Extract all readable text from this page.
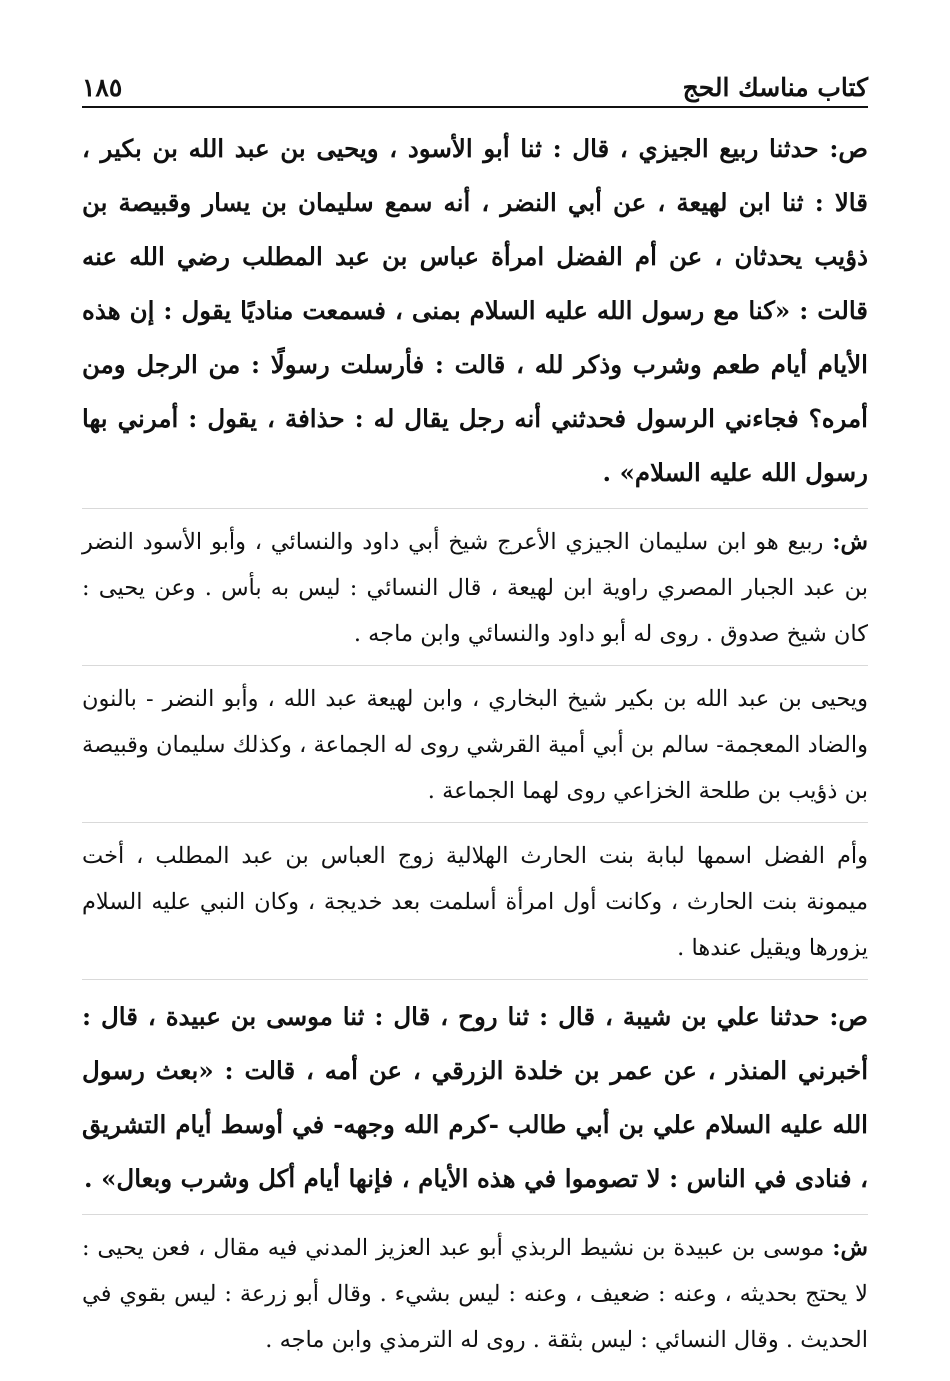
كتاب مناسك الحج
١٨٥

ص: حدثنا ربيع الجيزي ، قال : ثنا أبو الأسود ، ويحيى بن عبد الله بن بكير ، قالا : ثنا ابن لهيعة ، عن أبي النضر ، أنه سمع سليمان بن يسار وقبيصة بن ذؤيب يحدثان ، عن أم الفضل امرأة عباس بن عبد المطلب رضي الله عنه قالت : «كنا مع رسول الله عليه السلام بمنى ، فسمعت مناديًا يقول : إن هذه الأيام أيام طعم وشرب وذكر لله ، قالت : فأرسلت رسولًا : من الرجل ومن أمره؟ فجاءني الرسول فحدثني أنه رجل يقال له : حذافة ، يقول : أمرني بها رسول الله عليه السلام» .

ش: ربيع هو ابن سليمان الجيزي الأعرج شيخ أبي داود والنسائي ، وأبو الأسود النضر بن عبد الجبار المصري راوية ابن لهيعة ، قال النسائي : ليس به بأس . وعن يحيى : كان شيخ صدوق . روى له أبو داود والنسائي وابن ماجه .

ويحيى بن عبد الله بن بكير شيخ البخاري ، وابن لهيعة عبد الله ، وأبو النضر - بالنون والضاد المعجمة- سالم بن أبي أمية القرشي روى له الجماعة ، وكذلك سليمان وقبيصة بن ذؤيب بن طلحة الخزاعي روى لهما الجماعة .

وأم الفضل اسمها لبابة بنت الحارث الهلالية زوج العباس بن عبد المطلب ، أخت ميمونة بنت الحارث ، وكانت أول امرأة أسلمت بعد خديجة ، وكان النبي عليه السلام يزورها ويقيل عندها .

ص: حدثنا علي بن شيبة ، قال : ثنا روح ، قال : ثنا موسى بن عبيدة ، قال : أخبرني المنذر ، عن عمر بن خلدة الزرقي ، عن أمه ، قالت : «بعث رسول الله عليه السلام علي بن أبي طالب -كرم الله وجهه- في أوسط أيام التشريق ، فنادى في الناس : لا تصوموا في هذه الأيام ، فإنها أيام أكل وشرب وبعال» .

ش: موسى بن عبيدة بن نشيط الربذي أبو عبد العزيز المدني فيه مقال ، فعن يحيى : لا يحتج بحديثه ، وعنه : ضعيف ، وعنه : ليس بشيء . وقال أبو زرعة : ليس بقوي في الحديث . وقال النسائي : ليس بثقة . روى له الترمذي وابن ماجه .
